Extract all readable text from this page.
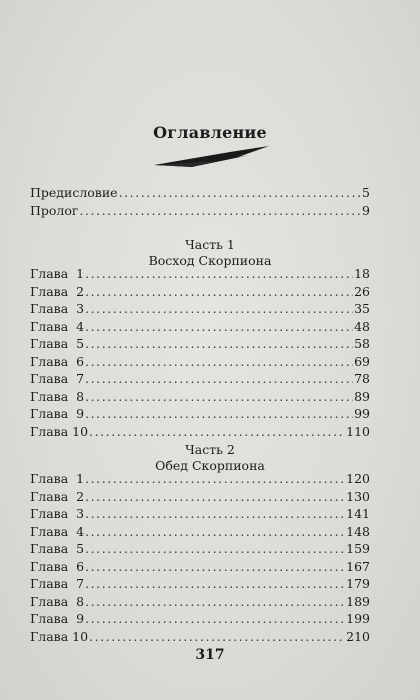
Оглавление
Предисловие . . .	5
Пролог . . .	9
Часть 1
Восход Скорпиона
Глава  1 . . .	18
Глава  2 . . .	26
Глава  3 . . .	35
Глава  4 . . .	48
Глава  5 . . .	58
Глава  6 . . .	69
Глава  7 . . .	78
Глава  8 . . .	89
Глава  9 . . .	99
Глава 10 . . .	110
Часть 2
Обед Скорпиона
Глава  1 . . .	120
Глава  2 . . .	130
Глава  3 . . .	141
Глава  4 . . .	148
Глава  5 . . .	159
Глава  6 . . .	167
Глава  7 . . .	179
Глава  8 . . .	189
Глава  9 . . .	199
Глава 10 . . .	210
317
